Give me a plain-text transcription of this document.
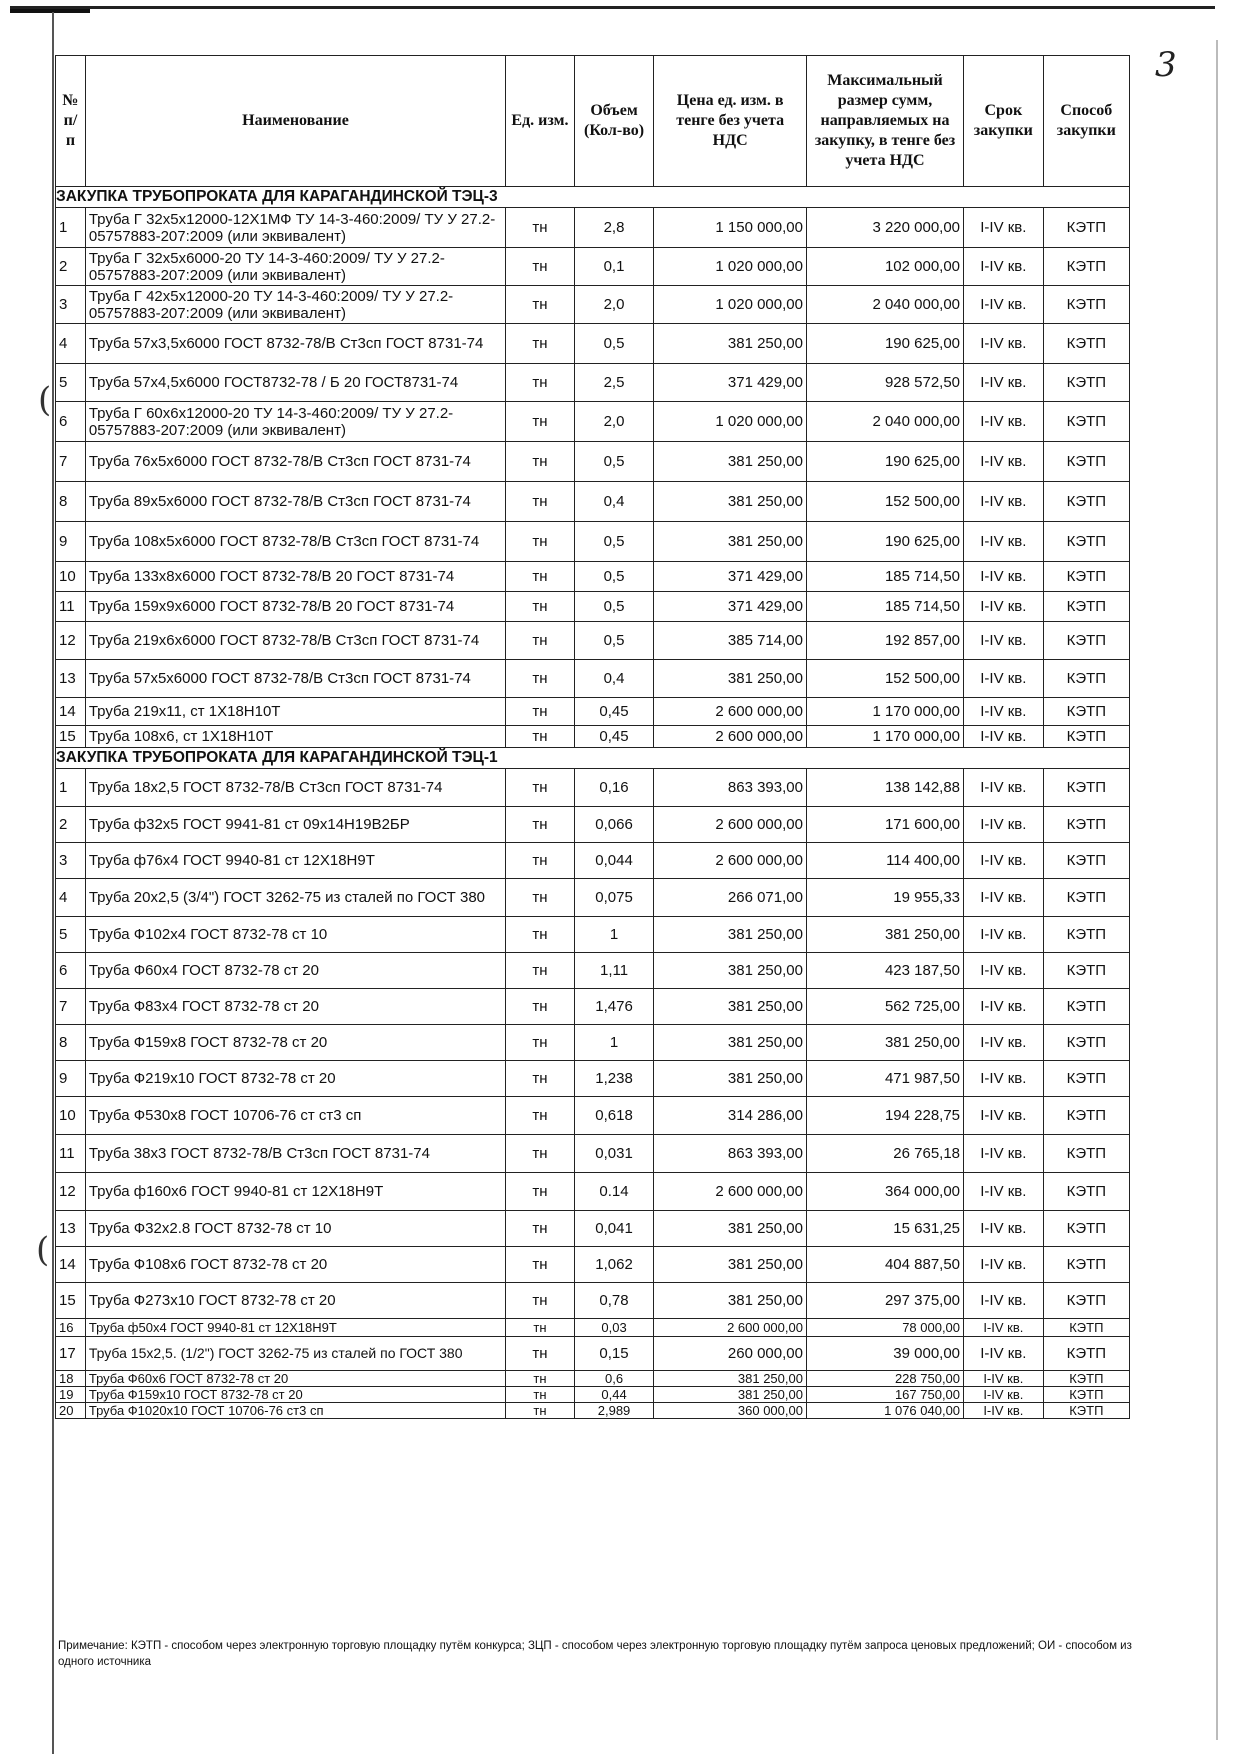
3
(
(
№ п/п	Наименование	Ед. изм.	Объем (Кол-во)	Цена ед. изм. в тенге без учета НДС	Максимальный размер сумм, направляемых на закупку, в тенге без учета НДС	Срок закупки	Способ закупки
ЗАКУПКА ТРУБОПРОКАТА ДЛЯ КАРАГАНДИНСКОЙ ТЭЦ-3							
1	Труба Г 32х5х12000-12Х1МФ ТУ 14-3-460:2009/ ТУ У 27.2-05757883-207:2009 (или эквивалент)	тн	2,8	1 150 000,00	3 220 000,00	I-IV кв.	КЭТП
2	Труба Г 32х5х6000-20 ТУ 14-3-460:2009/ ТУ У 27.2-05757883-207:2009 (или эквивалент)	тн	0,1	1 020 000,00	102 000,00	I-IV кв.	КЭТП
3	Труба Г 42х5х12000-20 ТУ 14-3-460:2009/ ТУ У 27.2-05757883-207:2009 (или эквивалент)	тн	2,0	1 020 000,00	2 040 000,00	I-IV кв.	КЭТП
4	Труба 57х3,5х6000 ГОСТ 8732-78/В Ст3сп ГОСТ 8731-74	тн	0,5	381 250,00	190 625,00	I-IV кв.	КЭТП
5	Труба 57х4,5х6000 ГОСТ8732-78 / Б 20 ГОСТ8731-74	тн	2,5	371 429,00	928 572,50	I-IV кв.	КЭТП
6	Труба Г 60х6х12000-20 ТУ 14-3-460:2009/ ТУ У 27.2-05757883-207:2009 (или эквивалент)	тн	2,0	1 020 000,00	2 040 000,00	I-IV кв.	КЭТП
7	Труба 76х5х6000 ГОСТ 8732-78/В Ст3сп ГОСТ 8731-74	тн	0,5	381 250,00	190 625,00	I-IV кв.	КЭТП
8	Труба 89х5х6000 ГОСТ 8732-78/В Ст3сп ГОСТ 8731-74	тн	0,4	381 250,00	152 500,00	I-IV кв.	КЭТП
9	Труба 108х5х6000 ГОСТ 8732-78/В Ст3сп ГОСТ 8731-74	тн	0,5	381 250,00	190 625,00	I-IV кв.	КЭТП
10	Труба 133х8х6000 ГОСТ 8732-78/В 20 ГОСТ 8731-74	тн	0,5	371 429,00	185 714,50	I-IV кв.	КЭТП
11	Труба 159х9х6000 ГОСТ 8732-78/В 20 ГОСТ 8731-74	тн	0,5	371 429,00	185 714,50	I-IV кв.	КЭТП
12	Труба 219х6х6000 ГОСТ 8732-78/В Ст3сп ГОСТ 8731-74	тн	0,5	385 714,00	192 857,00	I-IV кв.	КЭТП
13	Труба 57х5х6000 ГОСТ 8732-78/В Ст3сп ГОСТ 8731-74	тн	0,4	381 250,00	152 500,00	I-IV кв.	КЭТП
14	Труба 219х11, ст 1Х18Н10Т	тн	0,45	2 600 000,00	1 170 000,00	I-IV кв.	КЭТП
15	Труба 108х6, ст 1Х18Н10Т	тн	0,45	2 600 000,00	1 170 000,00	I-IV кв.	КЭТП
ЗАКУПКА ТРУБОПРОКАТА ДЛЯ КАРАГАНДИНСКОЙ ТЭЦ-1							
1	Труба 18х2,5 ГОСТ 8732-78/В Ст3сп ГОСТ 8731-74	тн	0,16	863 393,00	138 142,88	I-IV кв.	КЭТП
2	Труба ф32х5 ГОСТ 9941-81 ст 09х14Н19В2БР	тн	0,066	2 600 000,00	171 600,00	I-IV кв.	КЭТП
3	Труба ф76х4 ГОСТ 9940-81 ст 12Х18Н9Т	тн	0,044	2 600 000,00	114 400,00	I-IV кв.	КЭТП
4	Труба 20х2,5 (3/4") ГОСТ 3262-75 из сталей по ГОСТ 380	тн	0,075	266 071,00	19 955,33	I-IV кв.	КЭТП
5	Труба Ф102х4 ГОСТ 8732-78 ст 10	тн	1	381 250,00	381 250,00	I-IV кв.	КЭТП
6	Труба Ф60х4 ГОСТ 8732-78 ст 20	тн	1,11	381 250,00	423 187,50	I-IV кв.	КЭТП
7	Труба Ф83х4 ГОСТ 8732-78 ст 20	тн	1,476	381 250,00	562 725,00	I-IV кв.	КЭТП
8	Труба Ф159х8 ГОСТ 8732-78 ст 20	тн	1	381 250,00	381 250,00	I-IV кв.	КЭТП
9	Труба Ф219х10 ГОСТ 8732-78 ст 20	тн	1,238	381 250,00	471 987,50	I-IV кв.	КЭТП
10	Труба Ф530х8 ГОСТ 10706-76 ст ст3 сп	тн	0,618	314 286,00	194 228,75	I-IV кв.	КЭТП
11	Труба 38х3 ГОСТ 8732-78/В Ст3сп ГОСТ 8731-74	тн	0,031	863 393,00	26 765,18	I-IV кв.	КЭТП
12	Труба ф160х6 ГОСТ 9940-81 ст 12Х18Н9Т	тн	0.14	2 600 000,00	364 000,00	I-IV кв.	КЭТП
13	Труба Ф32х2.8 ГОСТ 8732-78 ст 10	тн	0,041	381 250,00	15 631,25	I-IV кв.	КЭТП
14	Труба Ф108х6 ГОСТ 8732-78 ст 20	тн	1,062	381 250,00	404 887,50	I-IV кв.	КЭТП
15	Труба Ф273х10 ГОСТ 8732-78 ст 20	тн	0,78	381 250,00	297 375,00	I-IV кв.	КЭТП
16	Труба ф50х4 ГОСТ 9940-81 ст 12Х18Н9Т	тн	0,03	2 600 000,00	78 000,00	I-IV кв.	КЭТП
17	Труба 15х2,5. (1/2") ГОСТ 3262-75 из сталей по ГОСТ 380	тн	0,15	260 000,00	39 000,00	I-IV кв.	КЭТП
18	Труба Ф60х6 ГОСТ 8732-78 ст 20	тн	0,6	381 250,00	228 750,00	I-IV кв.	КЭТП
19	Труба Ф159х10 ГОСТ 8732-78 ст 20	тн	0,44	381 250,00	167 750,00	I-IV кв.	КЭТП
20	Труба Ф1020х10 ГОСТ 10706-76 ст3 сп	тн	2,989	360 000,00	1 076 040,00	I-IV кв.	КЭТП
Примечание: КЭТП - способом через электронную торговую площадку путём конкурса; ЗЦП - способом через электронную торговую площадку путём запроса ценовых предложений; ОИ - способом из одного источника
